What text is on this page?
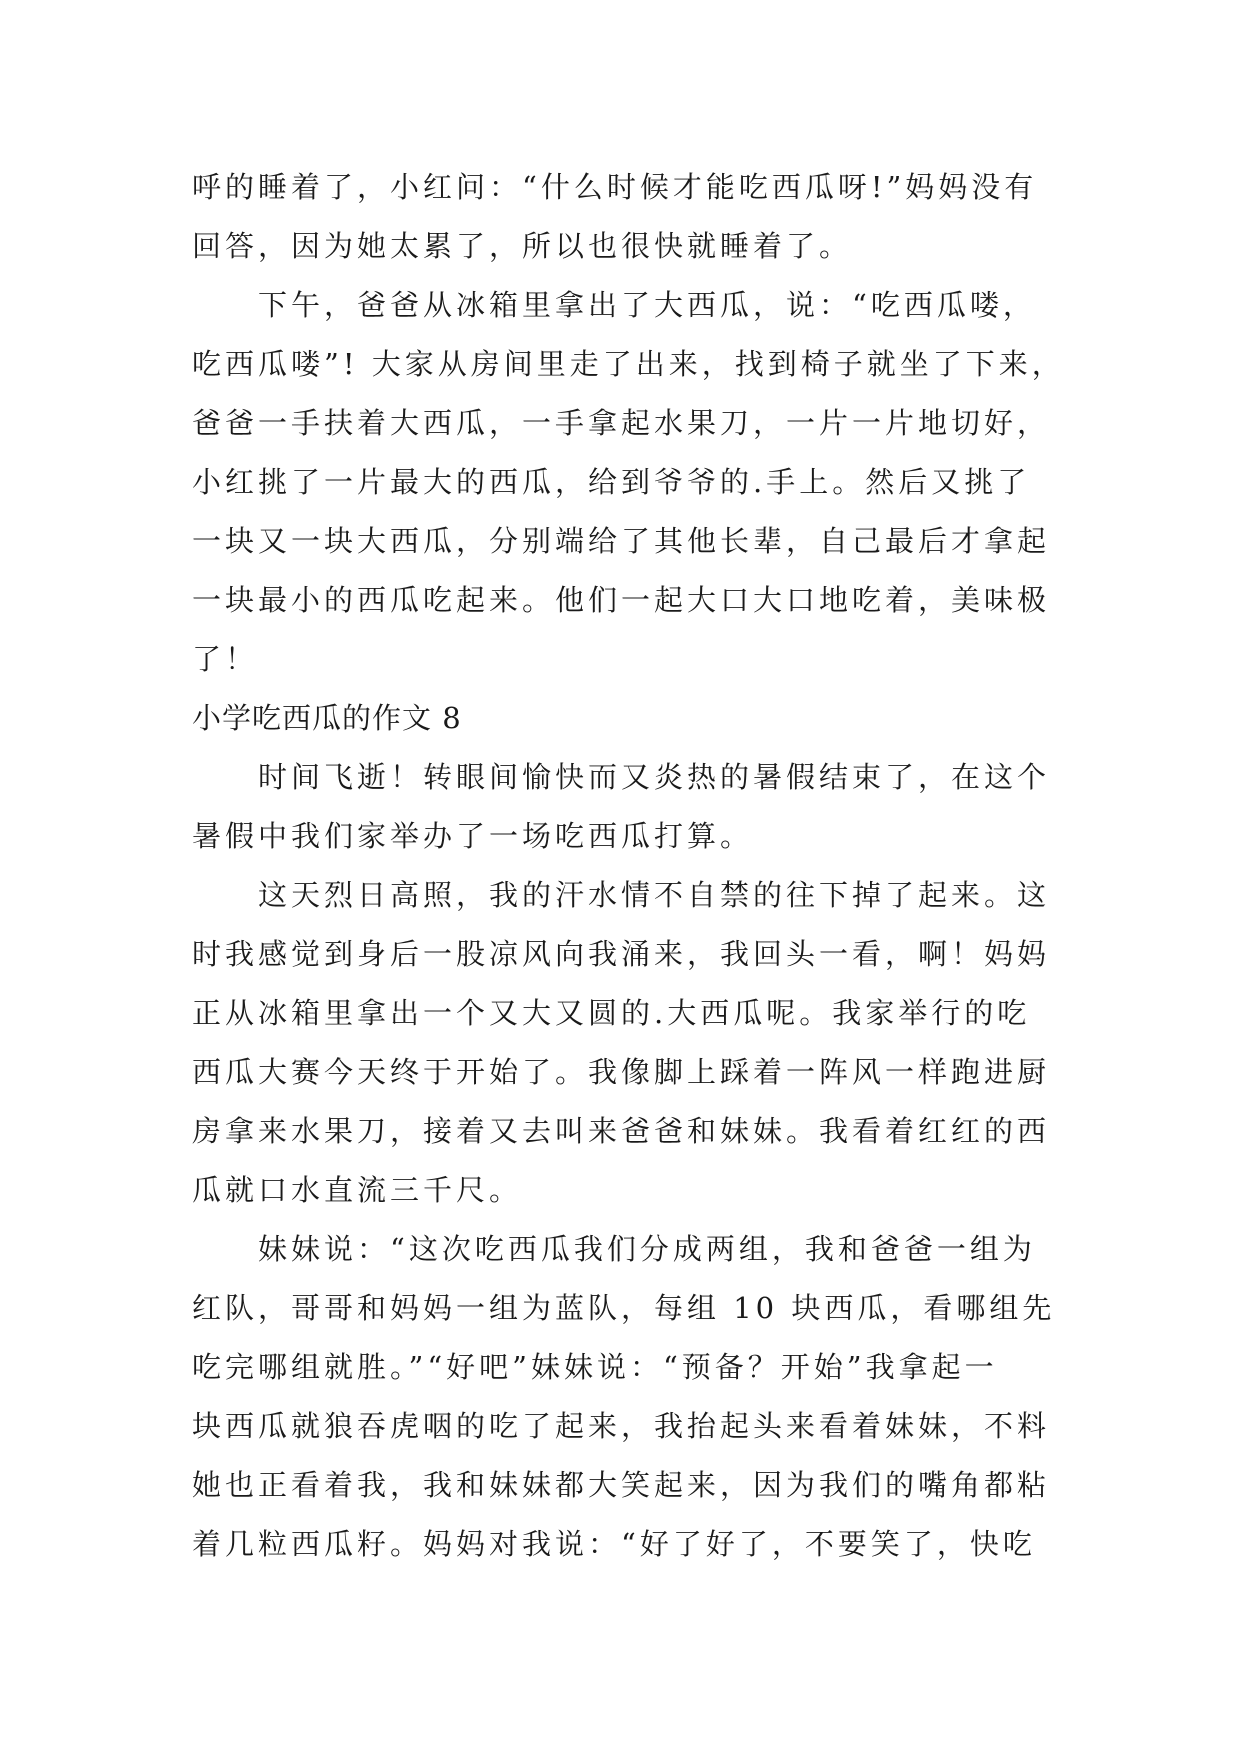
呼的睡着了，小红问：“什么时候才能吃西瓜呀!”妈妈没有
回答，因为她太累了，所以也很快就睡着了。
下午，爸爸从冰箱里拿出了大西瓜，说：“吃西瓜喽，
吃西瓜喽”! 大家从房间里走了出来，找到椅子就坐了下来，
爸爸一手扶着大西瓜，一手拿起水果刀，一片一片地切好，
小红挑了一片最大的西瓜，给到爷爷的.手上。然后又挑了
一块又一块大西瓜，分别端给了其他长辈，自己最后才拿起
一块最小的西瓜吃起来。他们一起大口大口地吃着，美味极
了！
小学吃西瓜的作文 8
时间飞逝！转眼间愉快而又炎热的暑假结束了，在这个
暑假中我们家举办了一场吃西瓜打算。
这天烈日高照，我的汗水情不自禁的往下掉了起来。这
时我感觉到身后一股凉风向我涌来，我回头一看，啊！妈妈
正从冰箱里拿出一个又大又圆的.大西瓜呢。我家举行的吃
西瓜大赛今天终于开始了。我像脚上踩着一阵风一样跑进厨
房拿来水果刀，接着又去叫来爸爸和妹妹。我看着红红的西
瓜就口水直流三千尺。
妹妹说：“这次吃西瓜我们分成两组，我和爸爸一组为
红队，哥哥和妈妈一组为蓝队，每组 10 块西瓜，看哪组先
吃完哪组就胜。”“好吧”妹妹说：“预备？开始”我拿起一
块西瓜就狼吞虎咽的吃了起来，我抬起头来看着妹妹，不料
她也正看着我，我和妹妹都大笑起来，因为我们的嘴角都粘
着几粒西瓜籽。妈妈对我说：“好了好了，不要笑了，快吃
